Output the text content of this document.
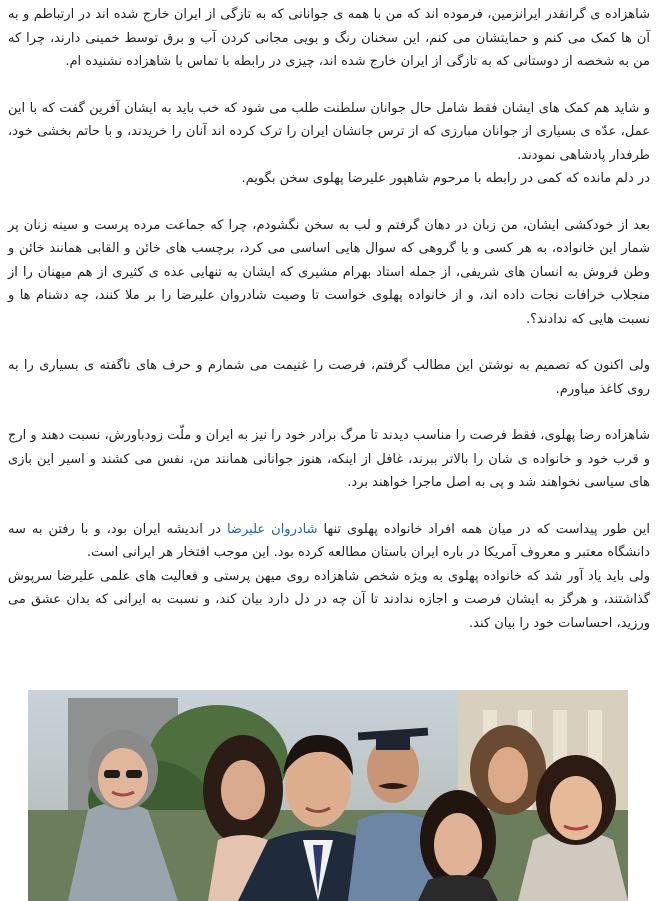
شاهزاده ی گرانقدر ایرانزمین، فرموده اند که من با همه ی جوانانی که به تازگی از ایران خارج شده اند در ارتباطم و به آن ها کمک می کنم و حمایتشان می کنم، این سخنان رنگ و بویی مجانی کردن آب و برق توسط خمینی دارند، چرا که من به شخصه از دوستانی که به تازگی از ایران خارج شده اند، چیزی در رابطه با تماس با شاهزاده نشنیده ام.

و شاید هم کمک های ایشان فقط شامل حال جوانان سلطنت طلب می شود که خب باید به ایشان آفرین گفت که با این عمل، عدّه ی بسیاری از جوانان مبارزی که از ترس جانشان ایران را ترک کرده اند آنان را خریدند، و با حاتم بخشی خود، طرفدار پادشاهی نمودند.

در دلم مانده که کمی در رابطه با مرحوم شاهپور علیرضا پهلوی سخن بگویم.

بعد از خودکشی ایشان، من زبان در دهان گرفتم و لب به سخن نگشودم، چرا که جماعت مرده پرست و سینه زنان پر شمار این خانواده، به هر کسی و یا گروهی که سوال هایی اساسی می کرد، برچسب های خائن و القابی همانند خائن و وطن فروش به انسان های شریفی، از جمله استاد بهرام مشیری که ایشان به تنهایی عده ی کثیری از هم میهنان را از منجلاب خرافات نجات داده اند، و از خانواده پهلوی خواست تا وصیت شادروان علیرضا را بر ملا کنند، چه دشنام ها و نسبت هایی که ندادند؟.

ولی اکنون که تصمیم به نوشتن این مطالب گرفتم، فرصت را غنیمت می شمارم و حرف های ناگفته ی بسیاری را به روی کاغذ میاورم.

شاهزاده رضا پهلوی، فقط فرصت را مناسب دیدند تا مرگ برادر خود را نیز به ایران و ملّت زودباورش، نسبت دهند و ارج و قرب خود و خانواده ی شان را بالاتر ببرند، غافل از اینکه، هنوز جوانانی همانند من، نفس می کشند و اسیر این بازی های سیاسی نخواهند شد و پی به اصل ماجرا خواهند برد.

این طور پیداست که در میان همه افراد خانواده پهلوی تنها شادروان علیرضا در اندیشه ایران بود، و با رفتن به سه دانشگاه معتبر و معروف آمریکا در باره ایران باستان مطالعه کرده بود. این موجب افتخار هر ایرانی است.

ولی باید یاد آور شد که خانواده پهلوی به ویژه شخص شاهزاده روی میهن پرستی و فعالیت های علمی علیرضا سرپوش گذاشتند، و هرگز به ایشان فرصت و اجازه ندادند تا آن چه در دل دارد بیان کند، و نسبت به ایرانی که بدان عشق می ورزید، احساسات خود را بیان کند.
